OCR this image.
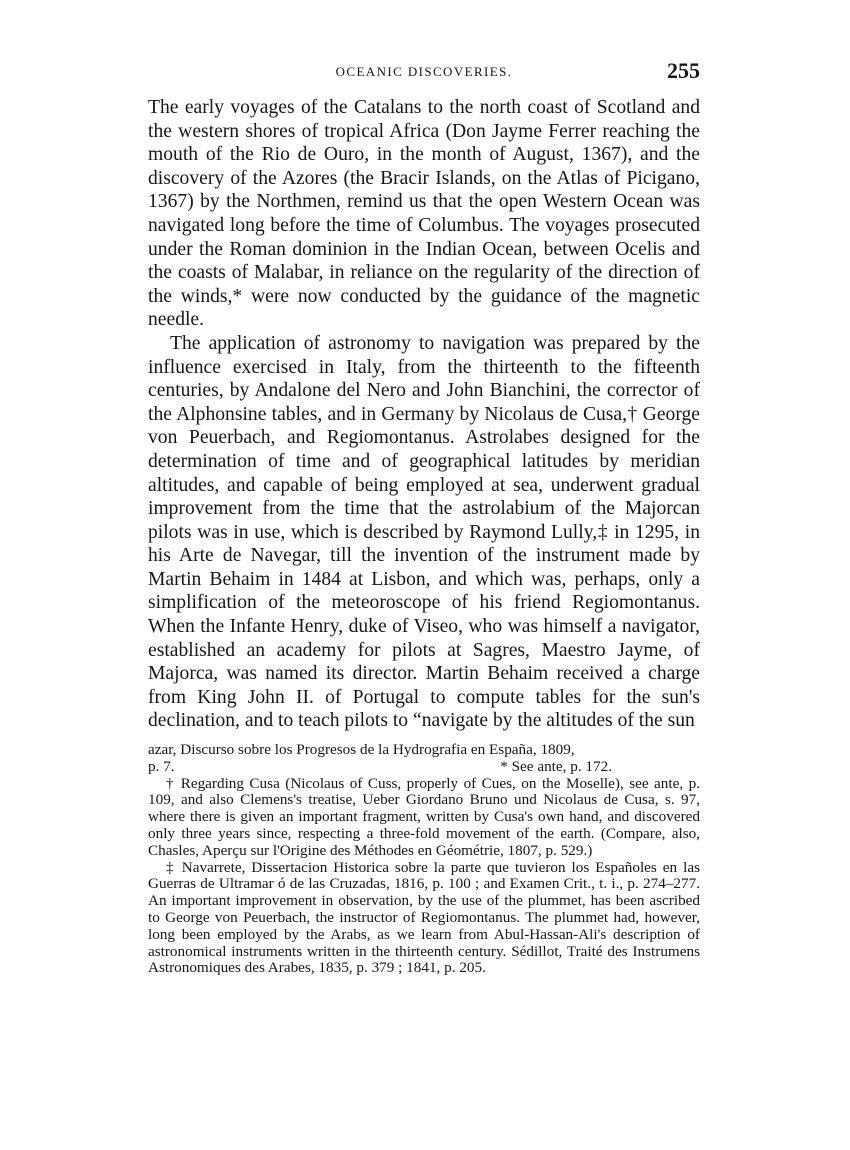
OCEANIC DISCOVERIES.	255

The early voyages of the Catalans to the north coast of Scotland and the western shores of tropical Africa (Don Jayme Ferrer reaching the mouth of the Rio de Ouro, in the month of August, 1367), and the discovery of the Azores (the Bracir Islands, on the Atlas of Picigano, 1367) by the Northmen, remind us that the open Western Ocean was navigated long before the time of Columbus. The voyages prosecuted under the Roman dominion in the Indian Ocean, between Ocelis and the coasts of Malabar, in reliance on the regularity of the direction of the winds,* were now conducted by the guidance of the magnetic needle.

The application of astronomy to navigation was prepared by the influence exercised in Italy, from the thirteenth to the fifteenth centuries, by Andalone del Nero and John Bianchini, the corrector of the Alphonsine tables, and in Germany by Nicolaus de Cusa,† George von Peuerbach, and Regiomontanus. Astrolabes designed for the determination of time and of geographical latitudes by meridian altitudes, and capable of being employed at sea, underwent gradual improvement from the time that the astrolabium of the Majorcan pilots was in use, which is described by Raymond Lully,‡ in 1295, in his Arte de Navegar, till the invention of the instrument made by Martin Behaim in 1484 at Lisbon, and which was, perhaps, only a simplification of the meteoroscope of his friend Regiomontanus. When the Infante Henry, duke of Viseo, who was himself a navigator, established an academy for pilots at Sagres, Maestro Jayme, of Majorca, was named its director. Martin Behaim received a charge from King John II. of Portugal to compute tables for the sun's declination, and to teach pilots to “navigate by the altitudes of the sun

azar, Discurso sobre los Progresos de la Hydrografia en España, 1809,

p. 7.	* See ante, p. 172.

† Regarding Cusa (Nicolaus of Cuss, properly of Cues, on the Moselle), see ante, p. 109, and also Clemens's treatise, Ueber Giordano Bruno und Nicolaus de Cusa, s. 97, where there is given an important fragment, written by Cusa's own hand, and discovered only three years since, respecting a three-fold movement of the earth. (Compare, also, Chasles, Aperçu sur l'Origine des Méthodes en Géométrie, 1807, p. 529.)

‡ Navarrete, Dissertacion Historica sobre la parte que tuvieron los Españoles en las Guerras de Ultramar ó de las Cruzadas, 1816, p. 100 ; and Examen Crit., t. i., p. 274–277. An important improvement in observation, by the use of the plummet, has been ascribed to George von Peuerbach, the instructor of Regiomontanus. The plummet had, however, long been employed by the Arabs, as we learn from Abul-Hassan-Ali's description of astronomical instruments written in the thirteenth century. Sédillot, Traité des Instrumens Astronomiques des Arabes, 1835, p. 379 ; 1841, p. 205.
